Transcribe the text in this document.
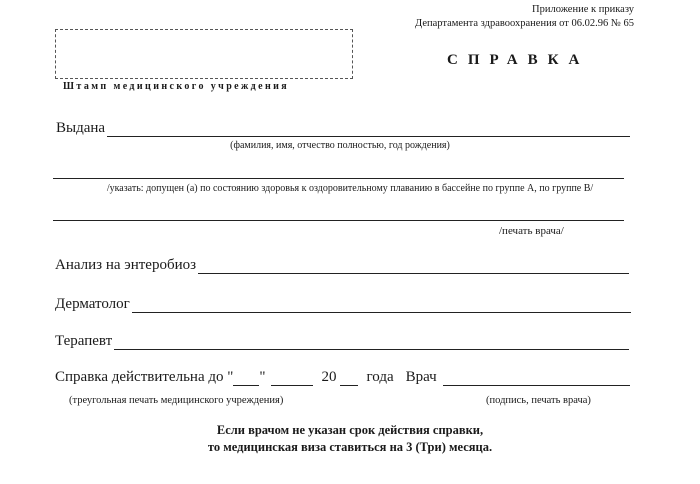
Приложение к приказу
Департамента здравоохранения от 06.02.96 № 65
Штамп медицинского учреждения
СПРАВКА
Выдана
(фамилия, имя, отчество полностью, год рождения)
/указать: допущен (а) по состоянию здоровья к оздоровительному плаванию в бассейне по группе А, по группе В/
/печать врача/
Анализ на энтеробиоз
Дерматолог
Терапевт
Справка действительна до " "	20 года Врач
(треугольная печать медицинского учреждения)	(подпись, печать врача)
Если врачом не указан срок действия справки,
то медицинская виза ставиться на 3 (Три) месяца.
